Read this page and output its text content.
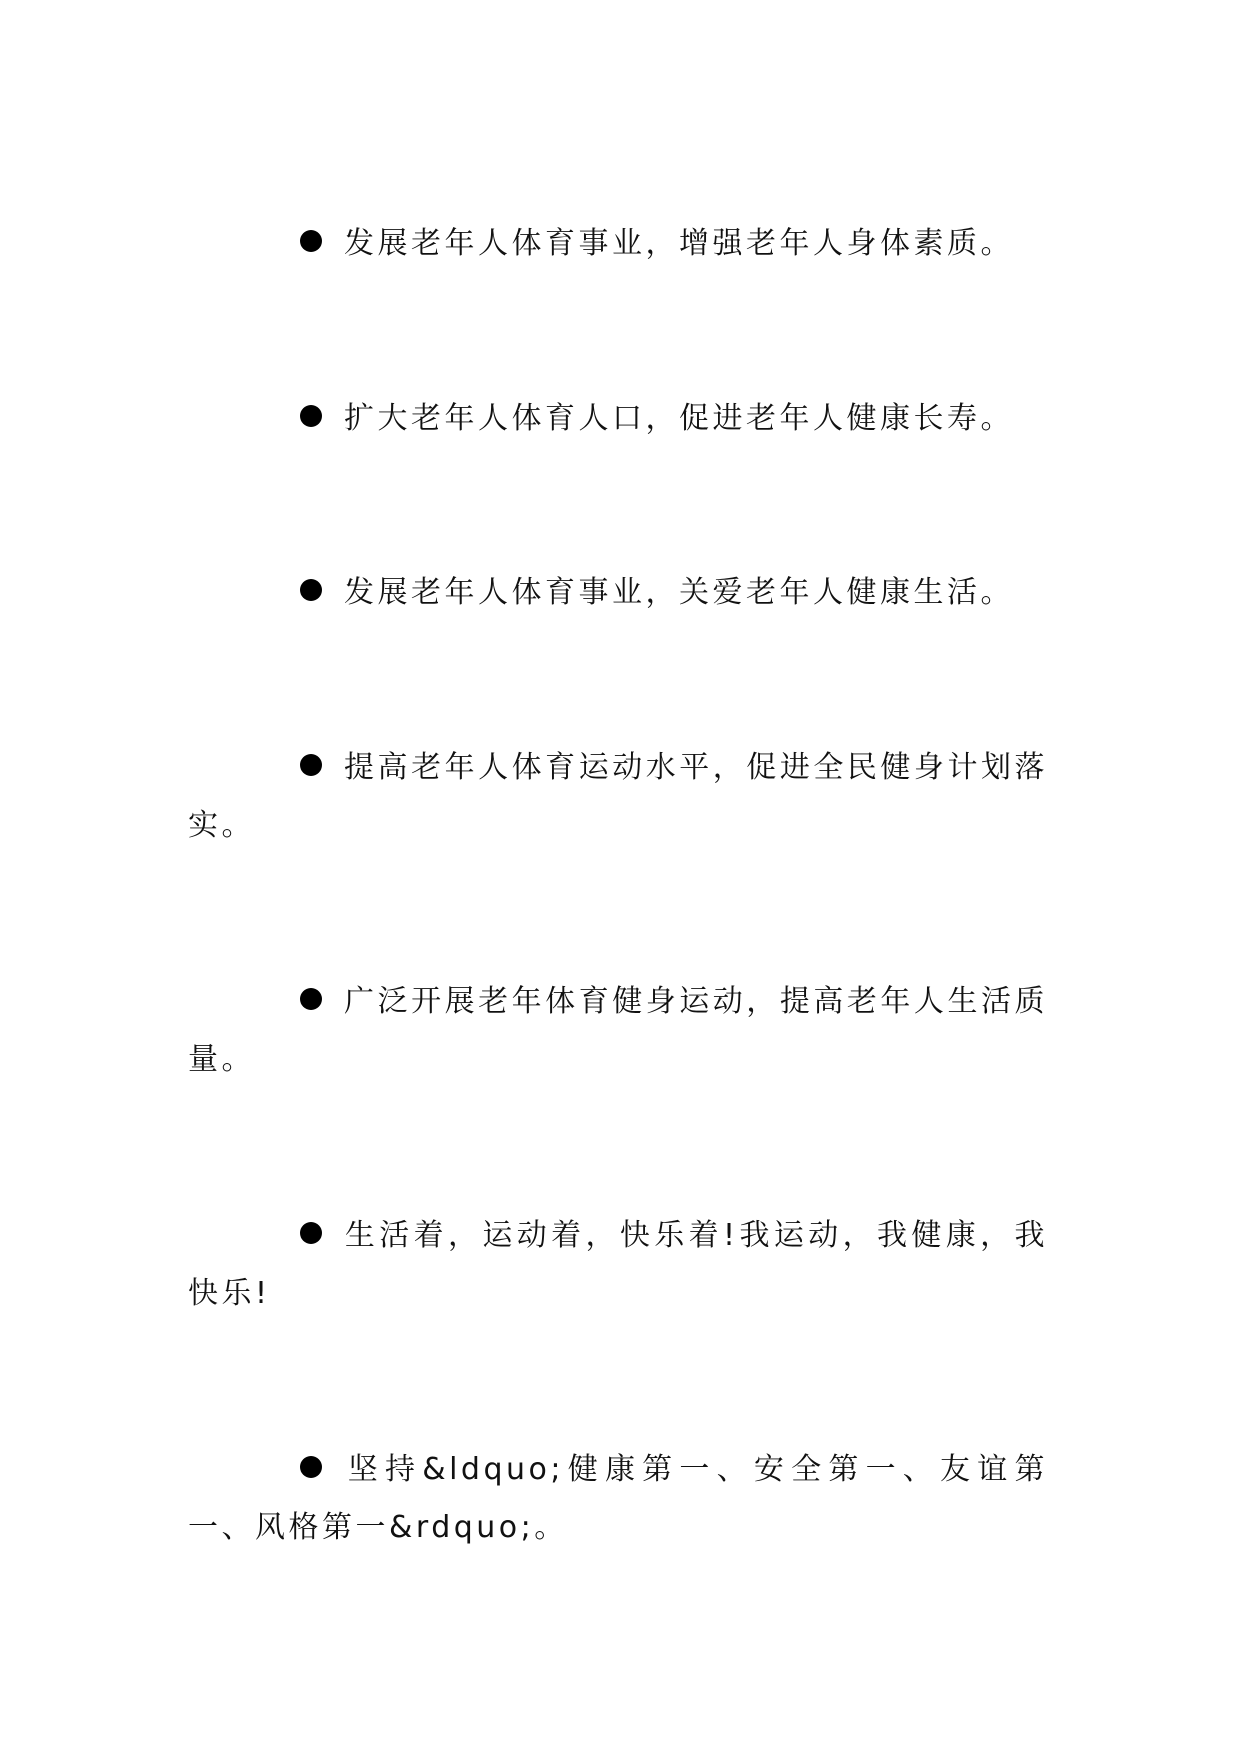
发展老年人体育事业，增强老年人身体素质。
扩大老年人体育人口，促进老年人健康长寿。
发展老年人体育事业，关爱老年人健康生活。
提高老年人体育运动水平，促进全民健身计划落实。
广泛开展老年体育健身运动，提高老年人生活质量。
生活着，运动着，快乐着!我运动，我健康，我快乐!
坚持&ldquo;健康第一、安全第一、友谊第一、风格第一&rdquo;。
